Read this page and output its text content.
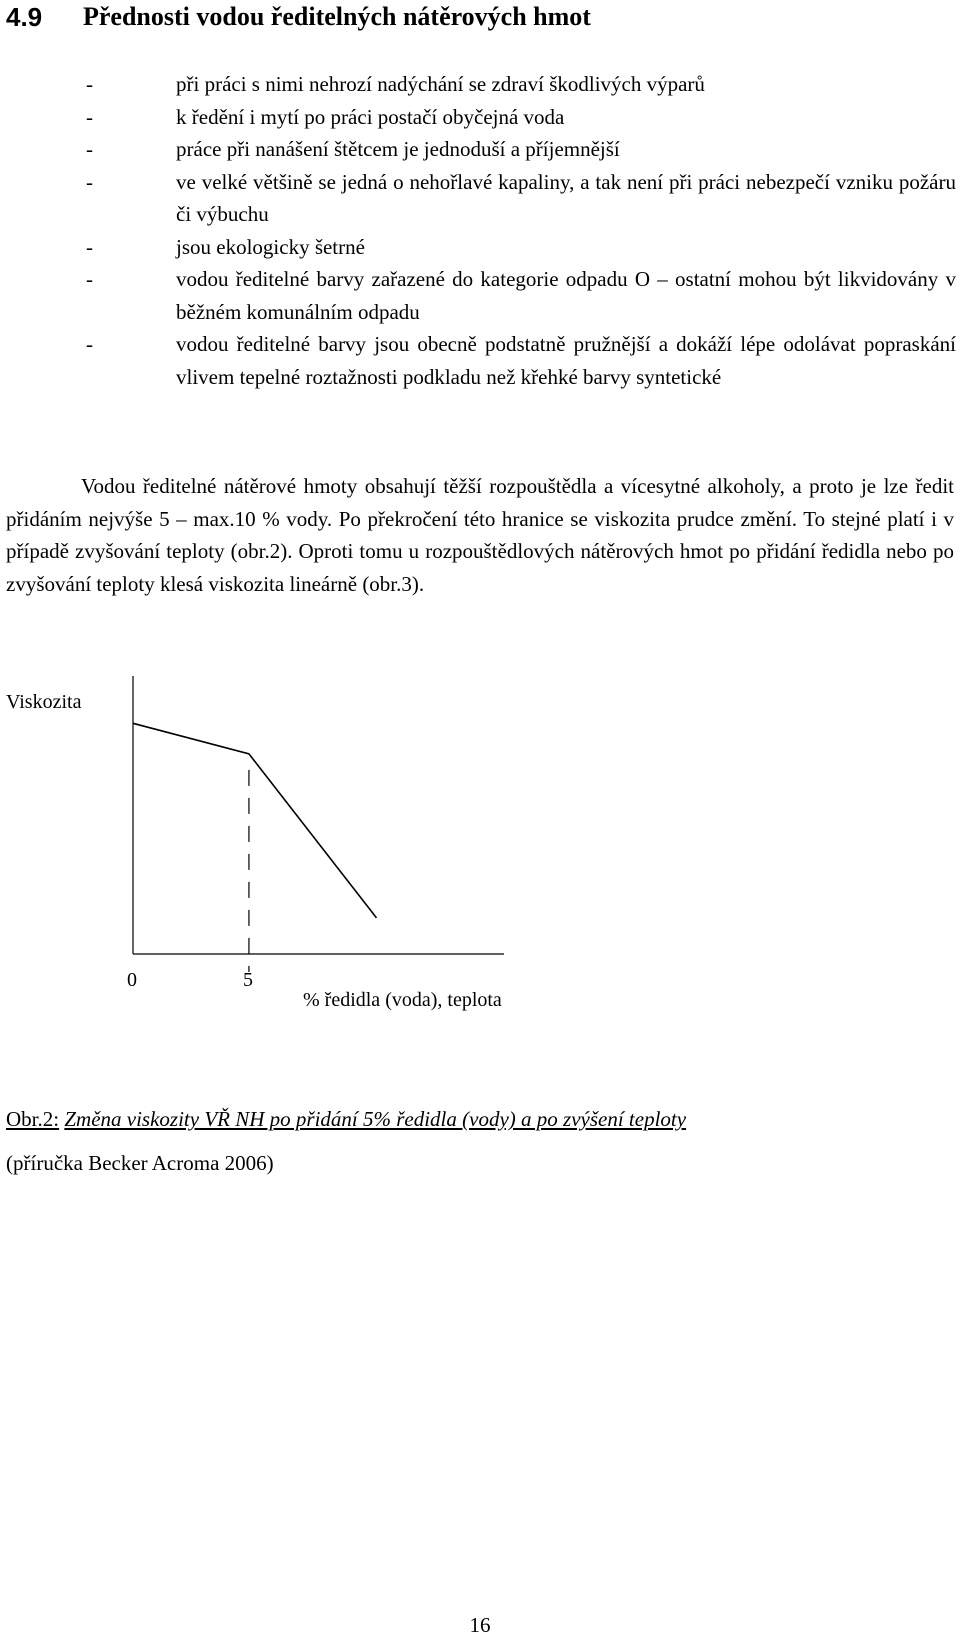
4.9 Přednosti vodou ředitelných nátěrových hmot
-	při práci s nimi nehrozí nadýchání se zdraví škodlivých výparů
-	k ředění i mytí po práci postačí obyčejná voda
-	práce při nanášení štětcem je jednoduší a příjemnější
-	ve velké většině se jedná o nehořlavé kapaliny, a tak není při práci nebezpečí vzniku požáru či výbuchu
-	jsou ekologicky šetrné
-	vodou ředitelné barvy zařazené do kategorie odpadu O – ostatní mohou být likvidovány v běžném komunálním odpadu
-	vodou ředitelné barvy jsou obecně podstatně pružnější a dokáží lépe odolávat popraskání vlivem tepelné roztažnosti podkladu než křehké barvy syntetické

Vodou ředitelné nátěrové hmoty obsahují těžší rozpouštědla a vícesytné alkoholy, a proto je lze ředit přidáním nejvýše 5 – max.10 % vody. Po překročení této hranice se viskozita prudce změní. To stejné platí i v případě zvyšování teploty (obr.2). Oproti tomu u rozpouštědlových nátěrových hmot po přidání ředidla nebo po zvyšování teploty klesá viskozita lineárně (obr.3).

Viskozita
% ředidla (voda), teplota
0	5

Obr.2: Změna viskozity VŘ NH po přidání 5% ředidla (vody) a po zvýšení teploty

(příručka Becker Acroma 2006)

16
